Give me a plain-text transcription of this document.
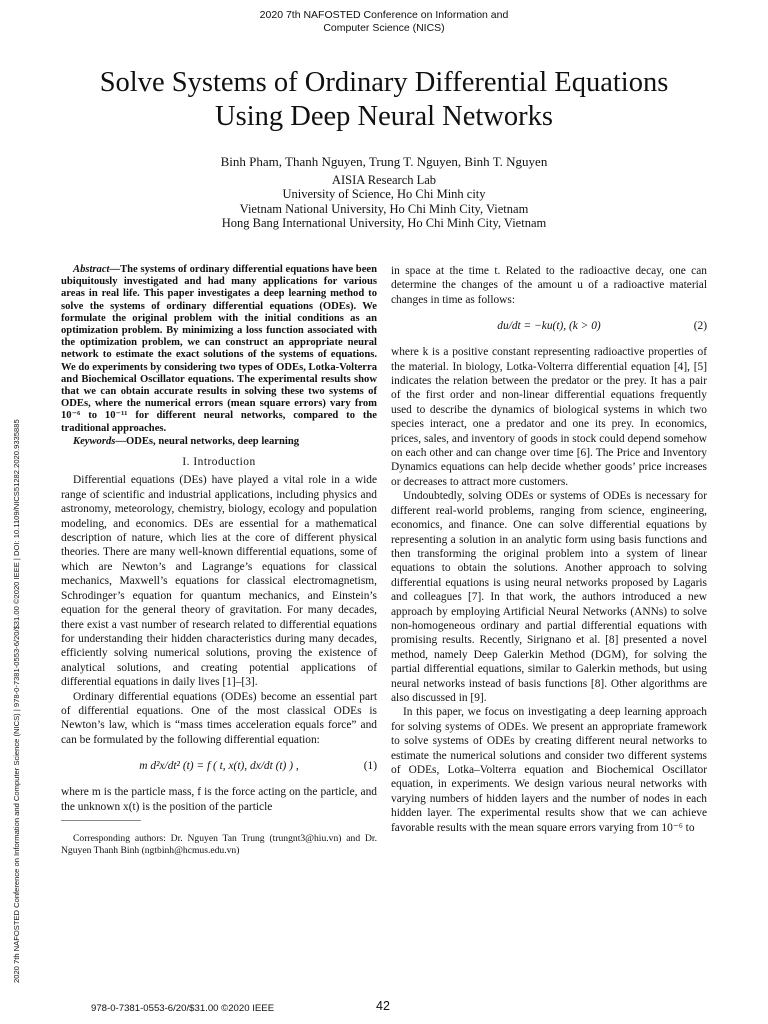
2020 7th NAFOSTED Conference on Information and
Computer Science (NICS)
Solve Systems of Ordinary Differential Equations
Using Deep Neural Networks
Binh Pham, Thanh Nguyen, Trung T. Nguyen, Binh T. Nguyen
AISIA Research Lab
University of Science, Ho Chi Minh city
Vietnam National University, Ho Chi Minh City, Vietnam
Hong Bang International University, Ho Chi Minh City, Vietnam
2020 7th NAFOSTED Conference on Information and Computer Science (NICS) | 978-0-7381-0553-6/20/$31.00 ©2020 IEEE | DOI: 10.1109/NICS51282.2020.9335885

Abstract—The systems of ordinary differential equations have been ubiquitously investigated and had many applications for various areas in real life. This paper investigates a deep learning method to solve the systems of ordinary differential equations (ODEs). We formulate the original problem with the initial conditions as an optimization problem. By minimizing a loss function associated with the optimization problem, we can construct an appropriate neural network to estimate the exact solutions of the systems of equations. We do experiments by considering two types of ODEs, Lotka-Volterra and Biochemical Oscillator equations. The experimental results show that we can obtain accurate results in solving these two systems of ODEs, where the numerical errors (mean square errors) vary from 10⁻⁶ to 10⁻¹¹ for different neural networks, compared to the traditional approaches.

Keywords—ODEs, neural networks, deep learning

I. Introduction

Differential equations (DEs) have played a vital role in a wide range of scientific and industrial applications, including physics and astronomy, meteorology, chemistry, biology, ecology and population modeling, and economics. DEs are essential for a mathematical description of nature, which lies at the core of different physical theories. There are many well-known differential equations, some of which are Newton’s and Lagrange’s equations for classical mechanics, Maxwell’s equations for classical electromagnetism, Schrodinger’s equation for quantum mechanics, and Einstein’s equation for the general theory of gravitation. For many decades, there exist a vast number of research related to differential equations for understanding their hidden characteristics during many decades, efficiently solving numerical solutions, proving the existence of analytical solutions, and creating potential applications of differential equations in daily lives [1]–[3].

Ordinary differential equations (ODEs) become an essential part of differential equations. One of the most classical ODEs is Newton’s law, which is “mass times acceleration equals force” and can be formulated by the following differential equation:

m d²x/dt² (t) = f ( t, x(t), dx/dt (t) ) ,	(1)

where m is the particle mass, f is the force acting on the particle, and the unknown x(t) is the position of the particle

Corresponding authors: Dr. Nguyen Tan Trung (trungnt3@hiu.vn) and Dr. Nguyen Thanh Binh (ngtbinh@hcmus.edu.vn)

in space at the time t. Related to the radioactive decay, one can determine the changes of the amount u of a radioactive material changes in time as follows:

du/dt = −ku(t), (k > 0)	(2)

where k is a positive constant representing radioactive properties of the material. In biology, Lotka-Volterra differential equation [4], [5] indicates the relation between the predator or the prey. It has a pair of the first order and non-linear differential equations frequently used to describe the dynamics of biological systems in which two species interact, one a predator and one its prey. In economics, prices, sales, and inventory of goods in stock could depend somehow on each other and can change over time [6]. The Price and Inventory Dynamics equations can help decide whether goods’ price increases or decreases to attract more customers.

Undoubtedly, solving ODEs or systems of ODEs is necessary for different real-world problems, ranging from science, engineering, economics, and finance. One can solve differential equations by representing a solution in an analytic form using basis functions and then transforming the original problem into a system of linear equations to obtain the solutions. Another approach to solving differential equations is using neural networks proposed by Lagaris and colleagues [7]. In that work, the authors introduced a new approach by employing Artificial Neural Networks (ANNs) to solve non-homogeneous ordinary and partial differential equations with promising results. Recently, Sirignano et al. [8] presented a novel method, namely Deep Galerkin Method (DGM), for solving the partial differential equations, similar to Galerkin methods, but using neural networks instead of basis functions [8]. Other algorithms are also discussed in [9].

In this paper, we focus on investigating a deep learning approach for solving systems of ODEs. We present an appropriate framework to solve systems of ODEs by creating different neural networks to estimate the numerical solutions and consider two different systems of ODEs, Lotka–Volterra equation and Biochemical Oscillator equation, in experiments. We design various neural networks with varying numbers of hidden layers and the number of nodes in each hidden layer. The experimental results show that we can achieve favorable results with the mean square errors varying from 10⁻⁶ to

978-0-7381-0553-6/20/$31.00 ©2020 IEEE	42
